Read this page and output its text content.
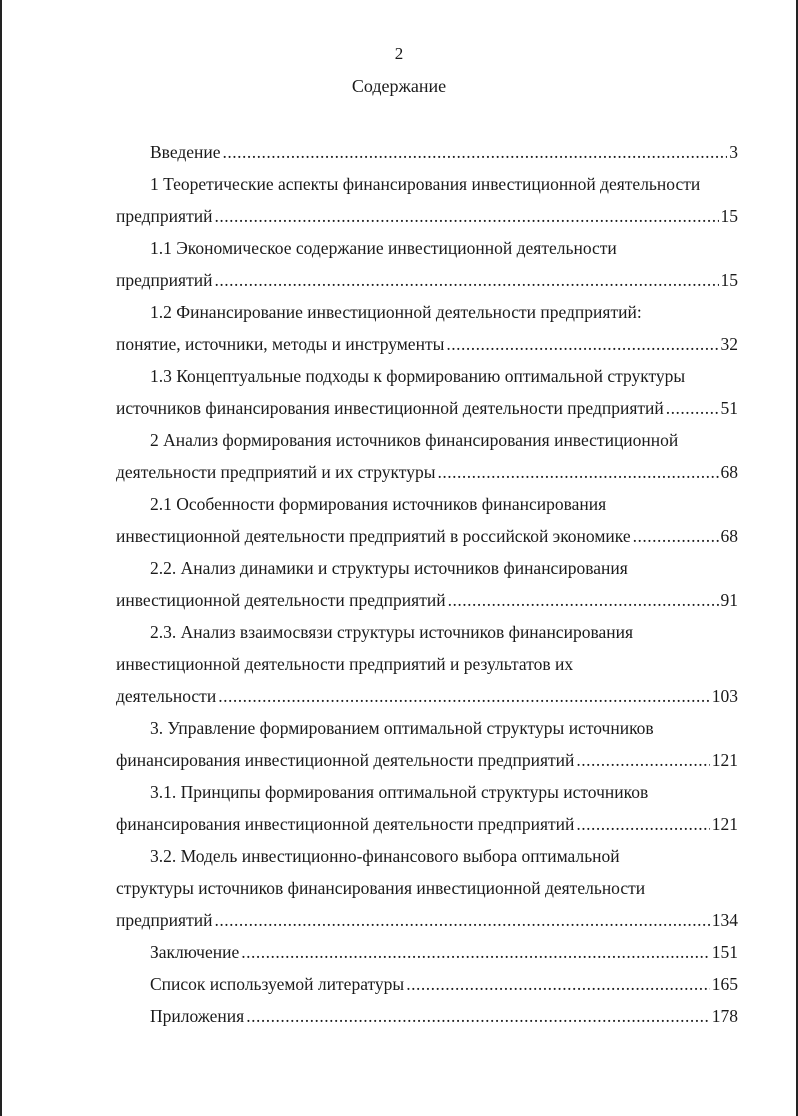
2
Содержание
Введение .....	3
1 Теоретические аспекты финансирования инвестиционной деятельности
предприятий .....	15
1.1 Экономическое содержание инвестиционной деятельности
предприятий .....	15
1.2 Финансирование инвестиционной деятельности предприятий:
понятие, источники, методы и инструменты .....	32
1.3 Концептуальные подходы к формированию оптимальной структуры
источников финансирования инвестиционной деятельности предприятий .....	51
2 Анализ формирования источников финансирования инвестиционной
деятельности предприятий и их структуры .....	68
2.1 Особенности формирования источников финансирования
инвестиционной деятельности предприятий в российской экономике .....	68
2.2. Анализ динамики и структуры источников финансирования
инвестиционной деятельности предприятий .....	91
2.3. Анализ взаимосвязи структуры источников финансирования
инвестиционной деятельности предприятий и результатов их
деятельности .....	103
3. Управление формированием оптимальной структуры источников
финансирования инвестиционной деятельности предприятий .....	121
3.1. Принципы формирования оптимальной структуры источников
финансирования инвестиционной деятельности предприятий .....	121
3.2. Модель инвестиционно-финансового выбора оптимальной
структуры источников финансирования инвестиционной деятельности
предприятий .....	134
Заключение .....	151
Список используемой литературы .....	165
Приложения .....	178
